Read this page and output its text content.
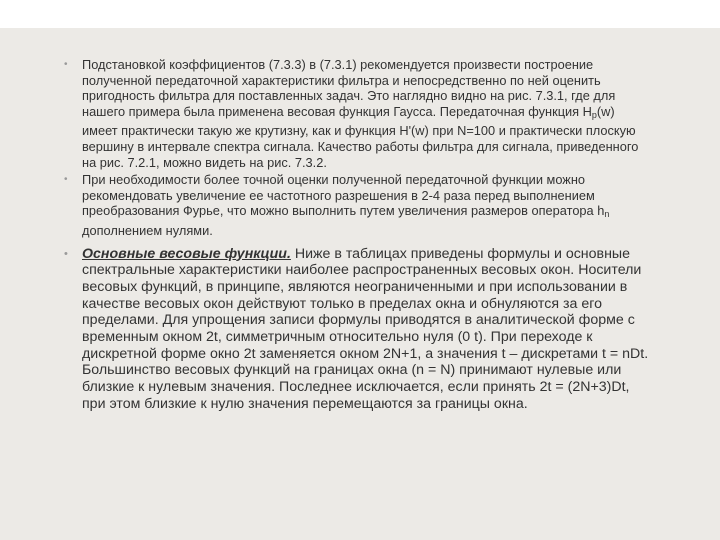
• Подстановкой коэффициентов (7.3.3) в (7.3.1) рекомендуется произвести построение полученной передаточной характеристики фильтра и непосредственно по ней оценить пригодность фильтра для поставленных задач. Это наглядно видно на рис. 7.3.1, где для нашего примера была применена весовая функция Гаусса. Передаточная функция $H_p(w)$ имеет практически такую же крутизну, как и функция H'(w) при N=100 и практически плоскую вершину в интервале спектра сигнала. Качество работы фильтра для сигнала, приведенного на рис. 7.2.1, можно видеть на рис. 7.3.2.

• При необходимости более точной оценки полученной передаточной функции можно рекомендовать увеличение ее частотного разрешения в 2-4 раза перед выполнением преобразования Фурье, что можно выполнить путем увеличения размеров оператора $h_n$ дополнением нулями.

• Основные весовые функции. Ниже в таблицах приведены формулы и основные спектральные характеристики наиболее распространенных весовых окон. Носители весовых функций, в принципе, являются неограниченными и при использовании в качестве весовых окон действуют только в пределах окна и обнуляются за его пределами. Для упрощения записи формулы приводятся в аналитической форме с временным окном 2t, симметричным относительно нуля (0 t). При переходе к дискретной форме окно 2t заменяется окном 2N+1, а значения t – дискретами t = nDt. Большинство весовых функций на границах окна (n = N) принимают нулевые или близкие к нулевым значения. Последнее исключается, если принять 2t = (2N+3)Dt, при этом близкие к нулю значения перемещаются за границы окна.
